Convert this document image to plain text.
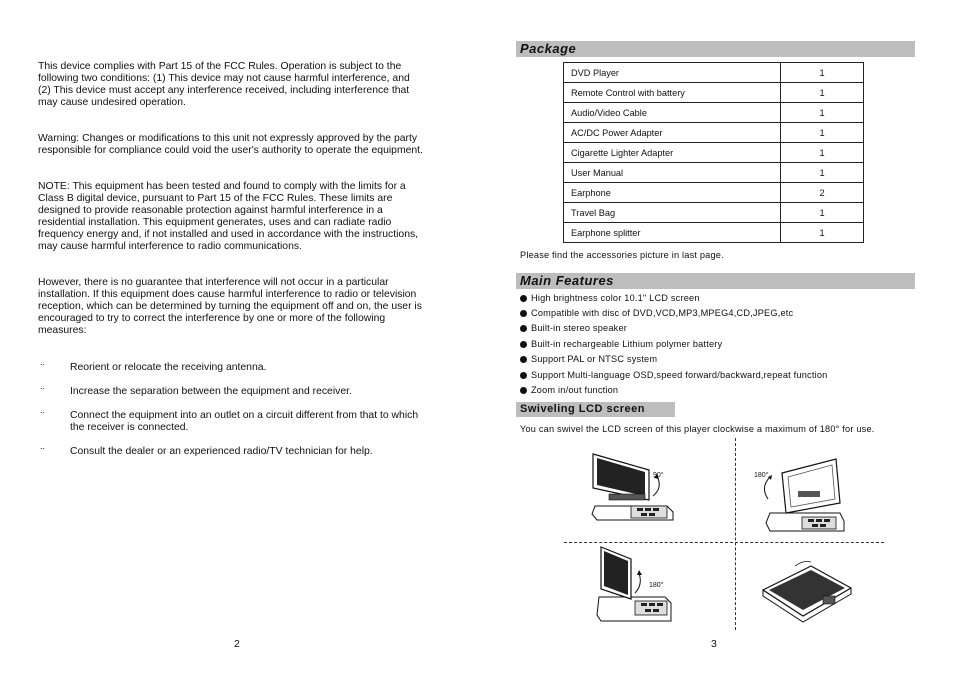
This device complies with Part 15 of the FCC Rules. Operation is subject to the
following two conditions: (1) This device may not cause harmful interference, and
(2) This device must accept any interference received, including interference that
may cause undesired operation.
Warning: Changes or modifications to this unit not expressly approved by the party
responsible for compliance could void the user's authority to operate the equipment.
NOTE: This equipment has been tested and found to comply with the limits for a
Class B digital device, pursuant to Part 15 of the FCC Rules. These limits are
designed to provide reasonable protection against harmful interference in a
residential installation. This equipment generates, uses and can radiate radio
frequency energy and, if not installed and used in accordance with the instructions,
may cause harmful interference to radio communications.
However, there is no guarantee that interference will not occur in a particular
installation. If this equipment does cause harmful interference to radio or television
reception, which can be determined by turning the equipment off and on, the user is
encouraged to try to correct the interference by one or more of the following
measures:
.. Reorient or relocate the receiving antenna.
.. Increase the separation between the equipment and receiver.
.. Connect the equipment into an outlet on a circuit different from that to which
the receiver is connected.
.. Consult the dealer or an experienced radio/TV technician for help.
2
Package
DVD Player	1
Remote Control with battery	1
Audio/Video Cable	1
AC/DC Power Adapter	1
Cigarette Lighter Adapter	1
User Manual	1
Earphone	2
Travel Bag	1
Earphone splitter	1
Please find the accessories picture in last page.
Main Features
High brightness color 10.1" LCD screen
Compatible with disc of DVD,VCD,MP3,MPEG4,CD,JPEG,etc
Built-in stereo speaker
Built-in rechargeable Lithium polymer battery
Support PAL or NTSC system
Support Multi-language OSD,speed forward/backward,repeat function
Zoom in/out function
Swiveling LCD screen
You can swivel the LCD screen of this player clockwise a maximum of 180° for use.
90°	180°
180°
3
